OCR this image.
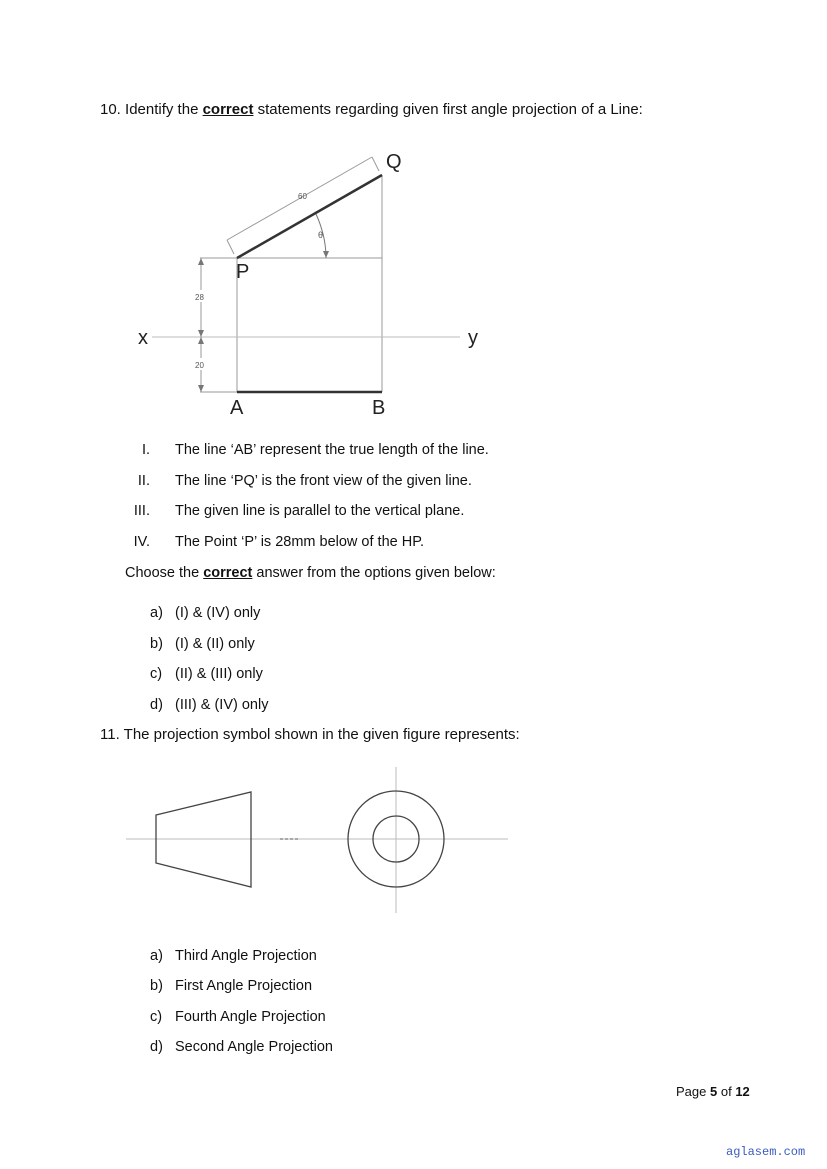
10. Identify the correct statements regarding given first angle projection of a Line:
60
θ
28
20
Q
P
A	B
x	y
I. The line ‘AB’ represent the true length of the line.
II. The line ‘PQ’ is the front view of the given line.
III. The given line is parallel to the vertical plane.
IV. The Point ‘P’ is 28mm below of the HP.
Choose the correct answer from the options given below:
a) (I) & (IV) only
b) (I) & (II) only
c) (II) & (III) only
d) (III) & (IV) only
11. The projection symbol shown in the given figure represents:
a) Third Angle Projection
b) First Angle Projection
c) Fourth Angle Projection
d) Second Angle Projection
Page 5 of 12
aglasem.com
